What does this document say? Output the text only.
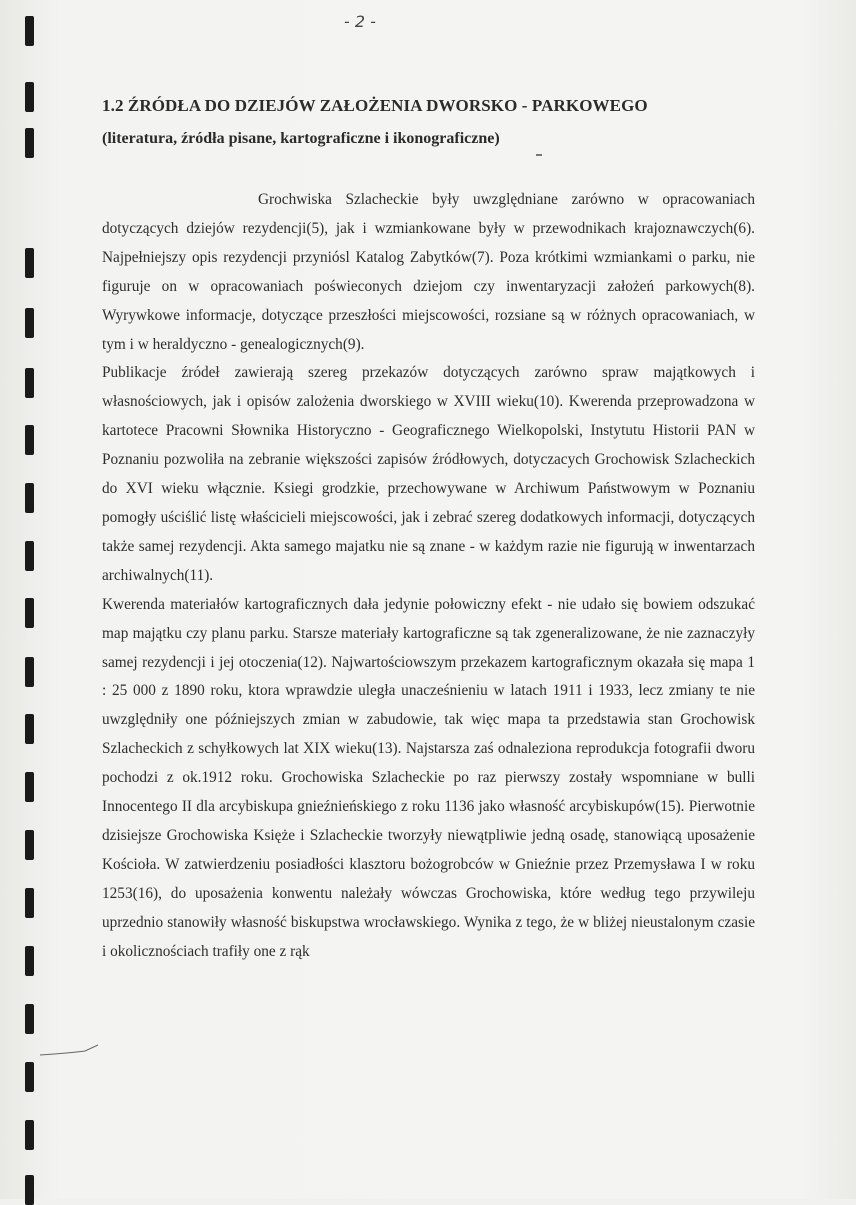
- 2 -

1.2 ŹRÓDŁA DO DZIEJÓW ZAŁOŻENIA DWORSKO - PARKOWEGO

(literatura, źródła pisane, kartograficzne i ikonograficzne)

Grochwiska Szlacheckie były uwzględniane zarówno w opracowaniach dotyczących dziejów rezydencji(5), jak i wzmiankowane były w przewodnikach krajoznawczych(6). Najpełniejszy opis rezydencji przyniósl Katalog Zabytków(7). Poza krótkimi wzmiankami o parku, nie figuruje on w opracowaniach poświeconych dziejom czy inwentaryzacji założeń parkowych(8). Wyrywkowe informacje, dotyczące przeszłości miejscowości, rozsiane są w różnych opracowaniach, w tym i w heraldyczno - genealogicznych(9).

Publikacje źródeł zawierają szereg przekazów dotyczących zarówno spraw majątkowych i własnościowych, jak i opisów zalożenia dworskiego w XVIII wieku(10). Kwerenda przeprowadzona w kartotece Pracowni Słownika Historyczno - Geograficznego Wielkopolski, Instytutu Historii PAN w Poznaniu pozwoliła na zebranie większości zapisów źródłowych, dotyczacych Grochowisk Szlacheckich do XVI wieku włącznie. Ksiegi grodzkie, przechowywane w Archiwum Państwowym w Poznaniu pomogły uściślić listę właścicieli miejscowości, jak i zebrać szereg dodatkowych informacji, dotyczących także samej rezydencji. Akta samego majatku nie są znane - w każdym razie nie figurują w inwentarzach archiwalnych(11).

Kwerenda materiałów kartograficznych dała jedynie połowiczny efekt - nie udało się bowiem odszukać map majątku czy planu parku. Starsze materiały kartograficzne są tak zgeneralizowane, że nie zaznaczyły samej rezydencji i jej otoczenia(12). Najwartościowszym przekazem kartograficznym okazała się mapa 1 : 25 000 z 1890 roku, ktora wprawdzie uległa unacześnieniu w latach 1911 i 1933, lecz zmiany te nie uwzględniły one późniejszych zmian w zabudowie, tak więc mapa ta przedstawia stan Grochowisk Szlacheckich z schyłkowych lat XIX wieku(13). Najstarsza zaś odnaleziona reprodukcja fotografii dworu pochodzi z ok.1912 roku. Grochowiska Szlacheckie po raz pierwszy zostały wspomniane w bulli Innocentego II dla arcybiskupa gnieźnieńskiego z roku 1136 jako własność arcybiskupów(15). Pierwotnie dzisiejsze Grochowiska Księże i Szlacheckie tworzyły niewątpliwie jedną osadę, stanowiącą uposażenie Kościoła. W zatwierdzeniu posiadłości klasztoru bożogrobców w Gnieźnie przez Przemysława I w roku 1253(16), do uposażenia konwentu należały wówczas Grochowiska, które według tego przywileju uprzednio stanowiły własność biskupstwa wrocławskiego. Wynika z tego, że w bliżej nieustalonym czasie i okolicznościach trafiły one z rąk
